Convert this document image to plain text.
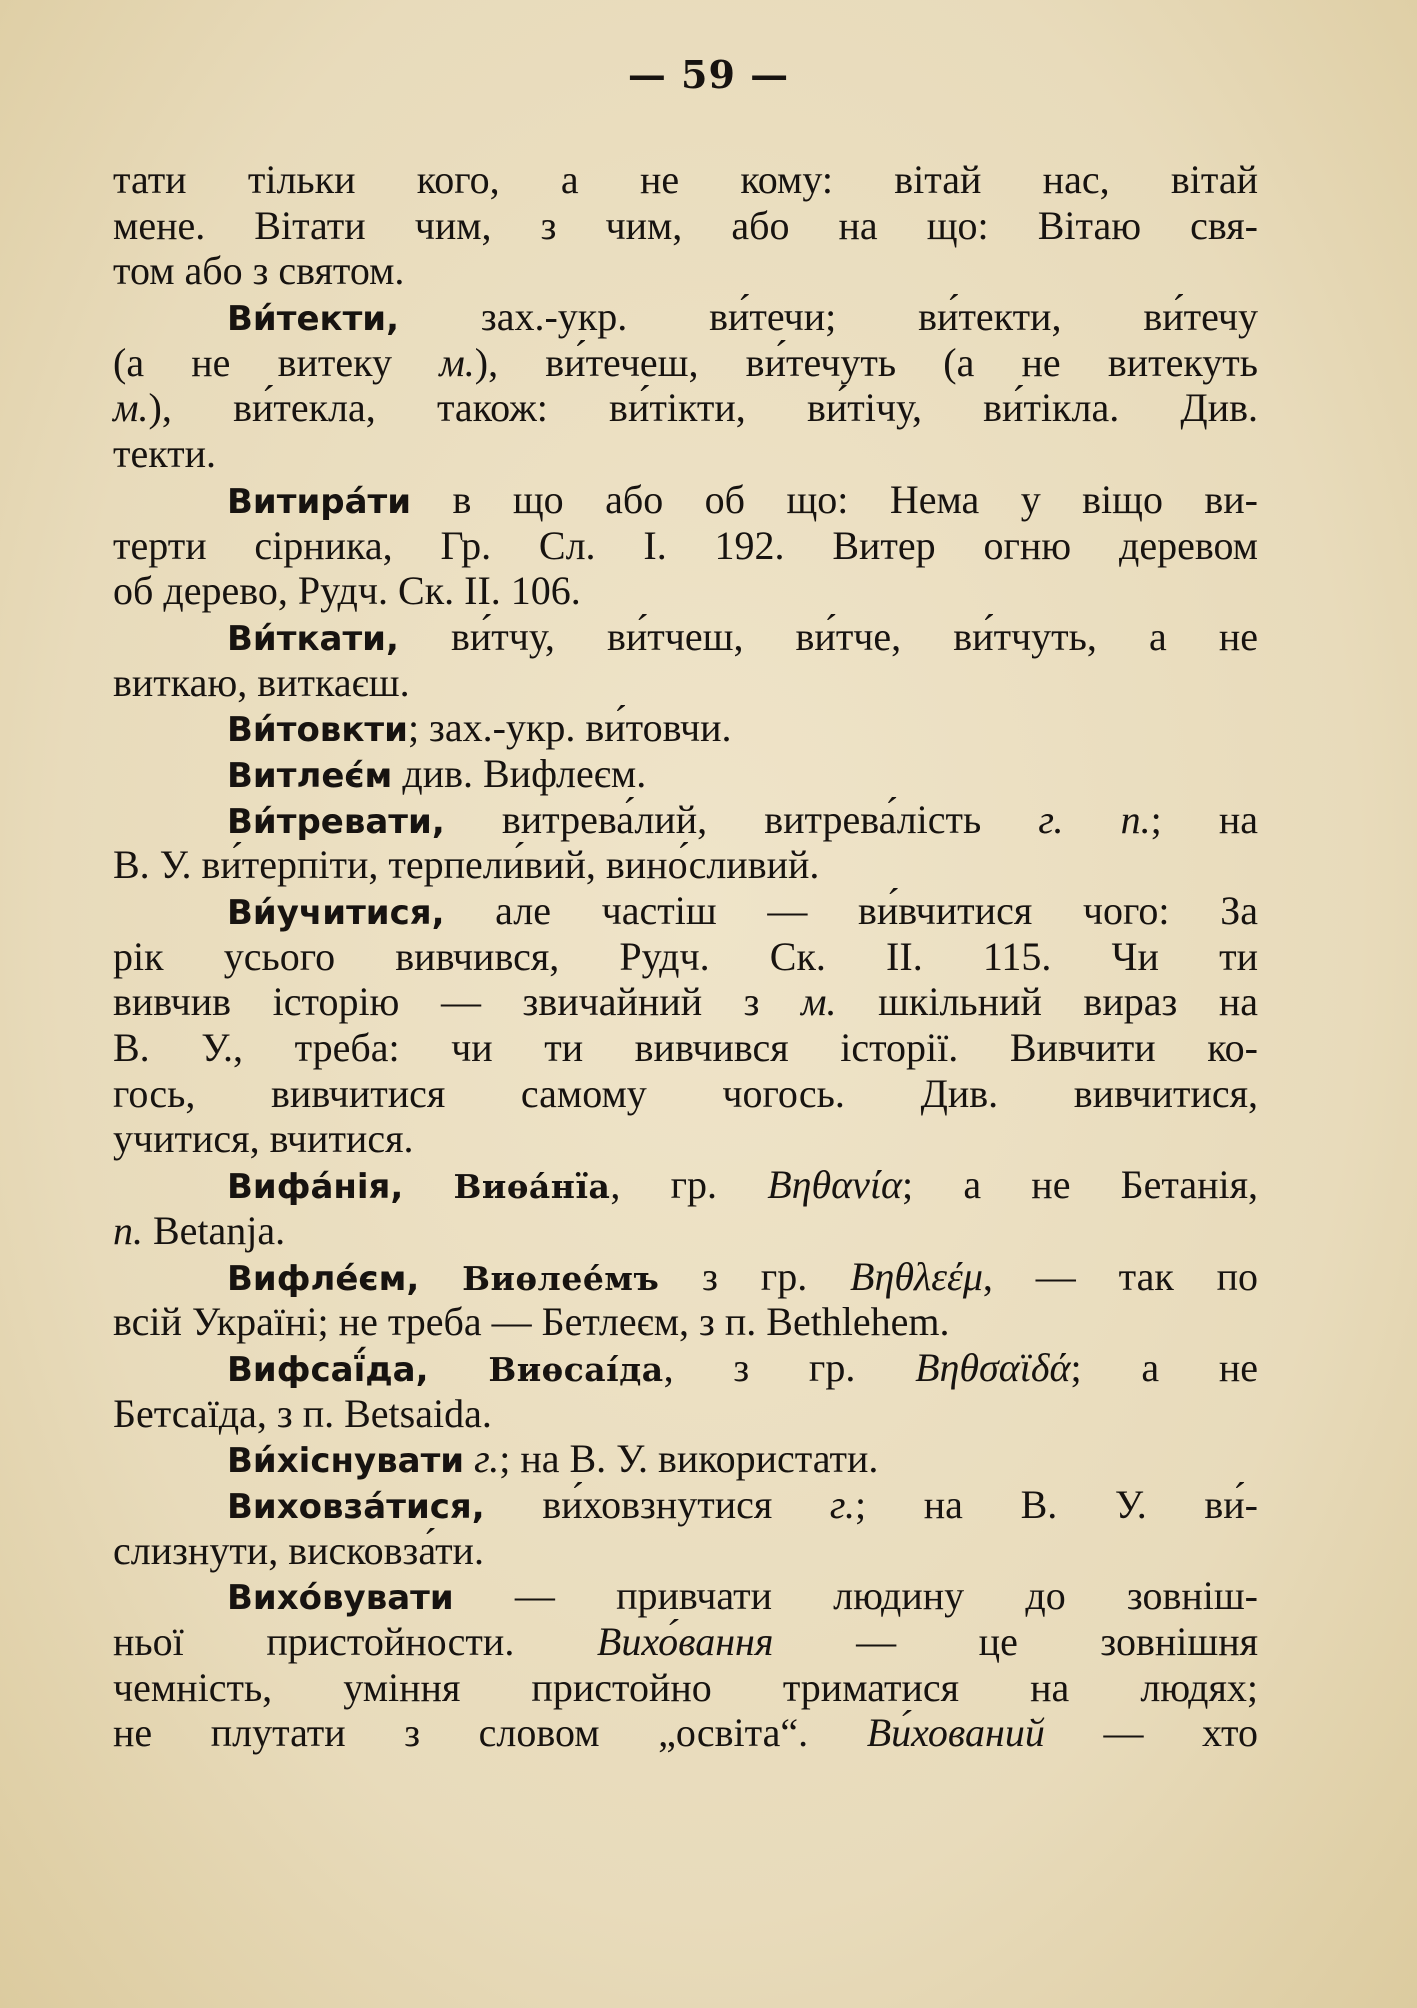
— 59 —
тати тільки кого, а не кому: вітай нас, вітай
мене. Вітати чим, з чим, або на що: Вітаю свя-
том або з святом.
Ви́текти, зах.-укр. ви́течи; ви́текти, ви́течу
(а не витеку м.), ви́течеш, ви́течуть (а не витекуть
м.), ви́текла, також: ви́тікти, ви́тічу, ви́тікла. Див.
текти.
Витира́ти в що або об що: Нема у віщо ви-
терти сірника, Гр. Сл. І. 192. Витер огню деревом
об дерево, Рудч. Ск. II. 106.
Ви́ткати, ви́тчу, ви́тчеш, ви́тче, ви́тчуть, а не
виткаю, виткаєш.
Ви́товкти; зах.-укр. ви́товчи.
Витлеє́м див. Вифлеєм.
Ви́тревати, витрева́лий, витрева́лість г. п.; на
В. У. ви́терпіти, терпели́вий, вино́сливий.
Ви́учитися, але частіш — ви́вчитися чого: За
рік усього вивчився, Рудч. Ск. II. 115. Чи ти
вивчив історію — звичайний з м. шкільний вираз на
В. У., треба: чи ти вивчився історії. Вивчити ко-
гось, вивчитися самому чогось. Див. вивчитися,
учитися, вчитися.
Вифа́нія, Виѳа́нїа, гр. Βηθανία; а не Бетанія,
п. Betanja.
Вифле́єм, Виѳлее́мъ з гр. Βηθλεέμ, — так по
всій Україні; не треба — Бетлеєм, з п. Bethlehem.
Вифсаї́да, Виѳсаі́да, з гр. Βηθσαϊδά; а не
Бетсаїда, з п. Betsaida.
Ви́хіснувати г.; на В. У. використати.
Виховза́тися, ви́ховзнутися г.; на В. У. ви́-
слизнути, висковза́ти.
Вихо́вувати — привчати людину до зовніш-
ньої пристойности. Вихо́вання — це зовнішня
чемність, уміння пристойно триматися на людях;
не плутати з словом „освіта“. Ви́хований — хто
